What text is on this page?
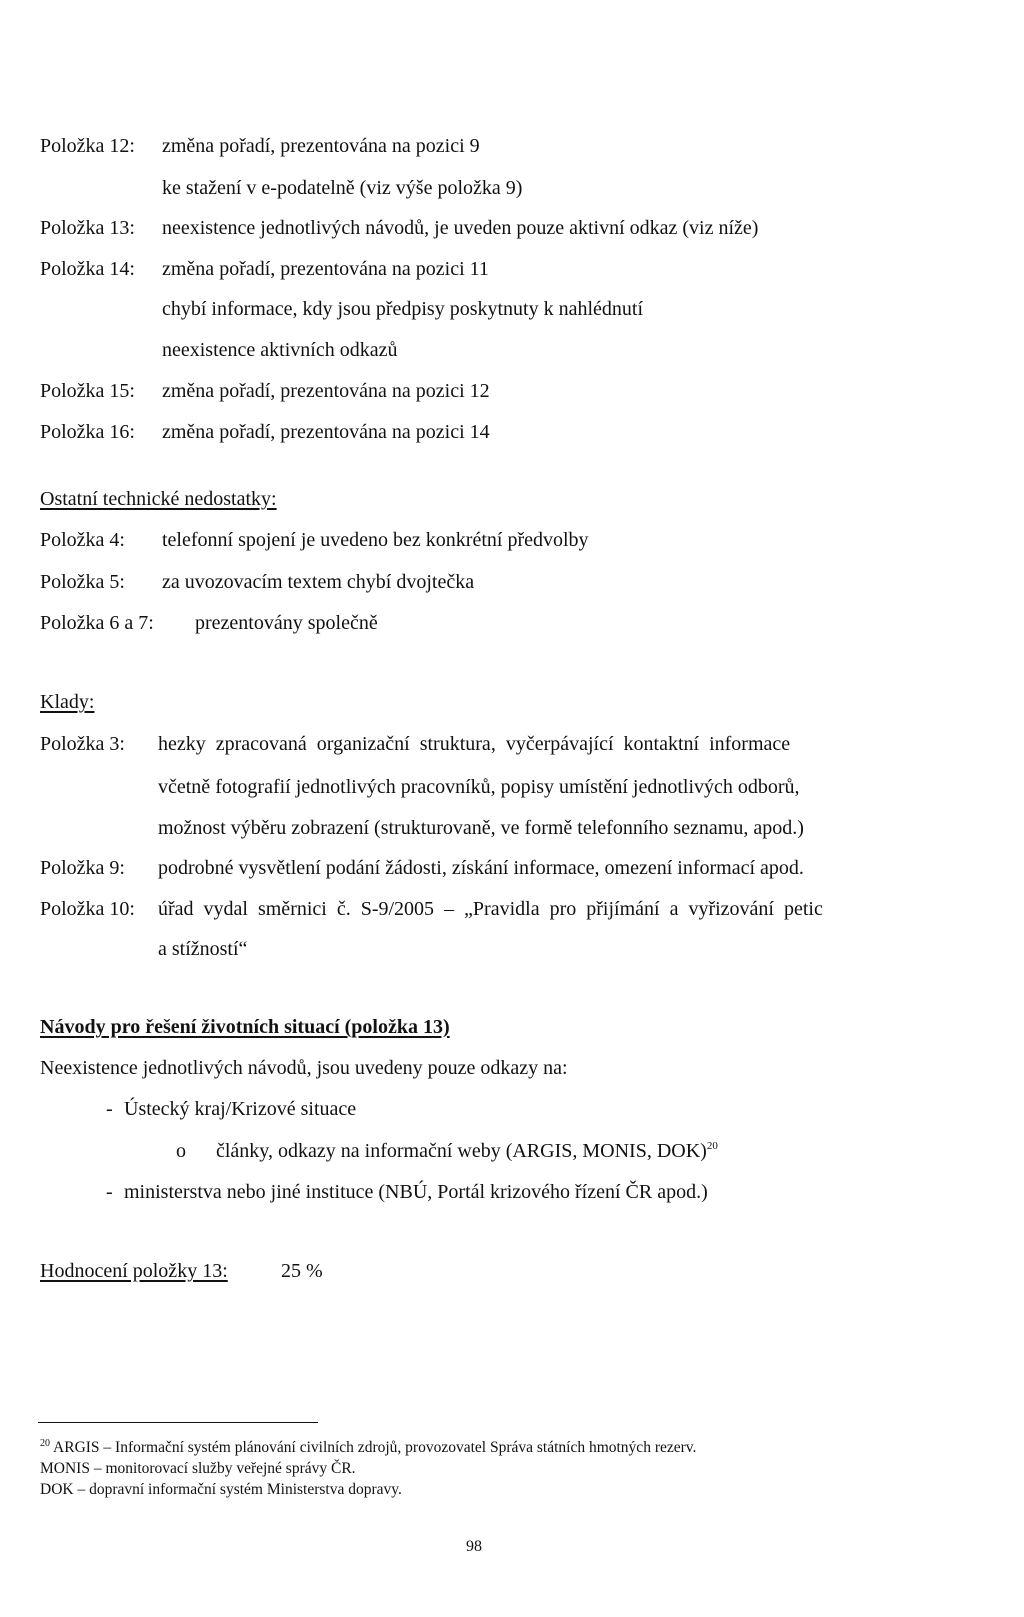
Položka 12: změna pořadí, prezentována na pozici 9
ke stažení v e-podatelně (viz výše položka 9)
Položka 13: neexistence jednotlivých návodů, je uveden pouze aktivní odkaz (viz níže)
Položka 14: změna pořadí, prezentována na pozici 11
chybí informace, kdy jsou předpisy poskytnuty k nahlédnutí
neexistence aktivních odkazů
Položka 15: změna pořadí, prezentována na pozici 12
Položka 16: změna pořadí, prezentována na pozici 14
Ostatní technické nedostatky:
Položka 4: telefonní spojení je uvedeno bez konkrétní předvolby
Položka 5: za uvozovacím textem chybí dvojtečka
Položka 6 a 7: prezentovány společně
Klady:
Položka 3: hezky zpracovaná organizační struktura, vyčerpávající kontaktní informace
včetně fotografií jednotlivých pracovníků, popisy umístění jednotlivých odborů,
možnost výběru zobrazení (strukturovaně, ve formě telefonního seznamu, apod.)
Položka 9: podrobné vysvětlení podání žádosti, získání informace, omezení informací apod.
Položka 10: úřad vydal směrnici č. S-9/2005 – „Pravidla pro přijímání a vyřizování petic
a stížností“
Návody pro řešení životních situací (položka 13)
Neexistence jednotlivých návodů, jsou uvedeny pouze odkazy na:
- Ústecký kraj/Krizové situace
o články, odkazy na informační weby (ARGIS, MONIS, DOK)$^{20}$
- ministerstva nebo jiné instituce (NBÚ, Portál krizového řízení ČR apod.)
Hodnocení položky 13:	25 %
$^{20}$ ARGIS – Informační systém plánování civilních zdrojů, provozovatel Správa státních hmotných rezerv.
MONIS – monitorovací služby veřejné správy ČR.
DOK – dopravní informační systém Ministerstva dopravy.
98
